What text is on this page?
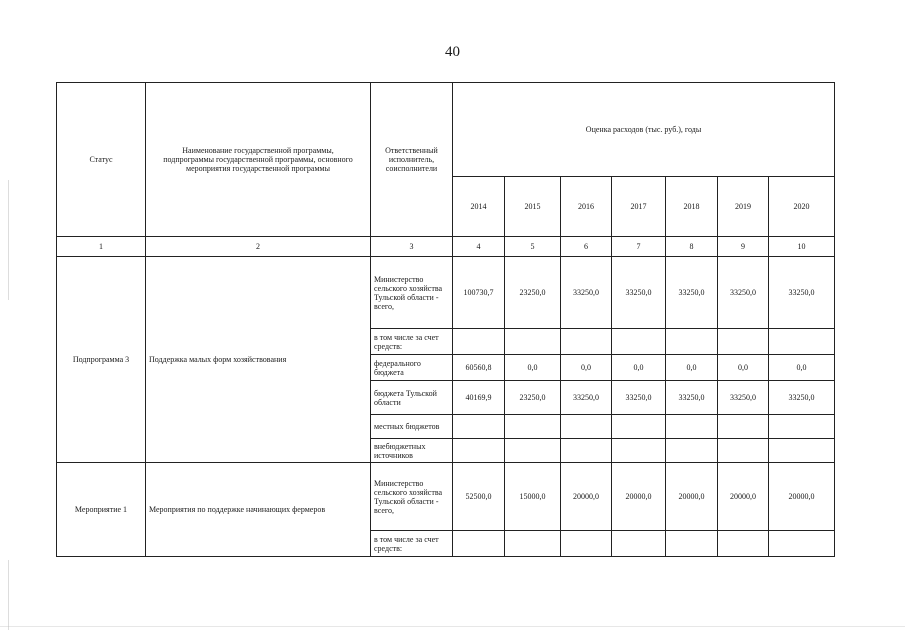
40
Статус	Наименование государственной программы, подпрограммы государственной программы, основного мероприятия государственной программы	Ответственный исполнитель, соисполнители	Оценка расходов (тыс. руб.), годы						
			2014	2015	2016	2017	2018	2019	2020
1	2	3	4	5	6	7	8	9	10
Подпрограмма 3	Поддержка малых форм хозяйствования	Министерство сельского хозяйства Тульской области - всего,	100730,7	23250,0	33250,0	33250,0	33250,0	33250,0	33250,0
		в том числе за счет средств:							
		федерального бюджета	60560,8	0,0	0,0	0,0	0,0	0,0	0,0
		бюджета Тульской области	40169,9	23250,0	33250,0	33250,0	33250,0	33250,0	33250,0
		местных бюджетов							
		внебюджетных источников							
Мероприятие 1	Мероприятия по поддержке начинающих фермеров	Министерство сельского хозяйства Тульской области - всего,	52500,0	15000,0	20000,0	20000,0	20000,0	20000,0	20000,0
		в том числе за счет средств:							
